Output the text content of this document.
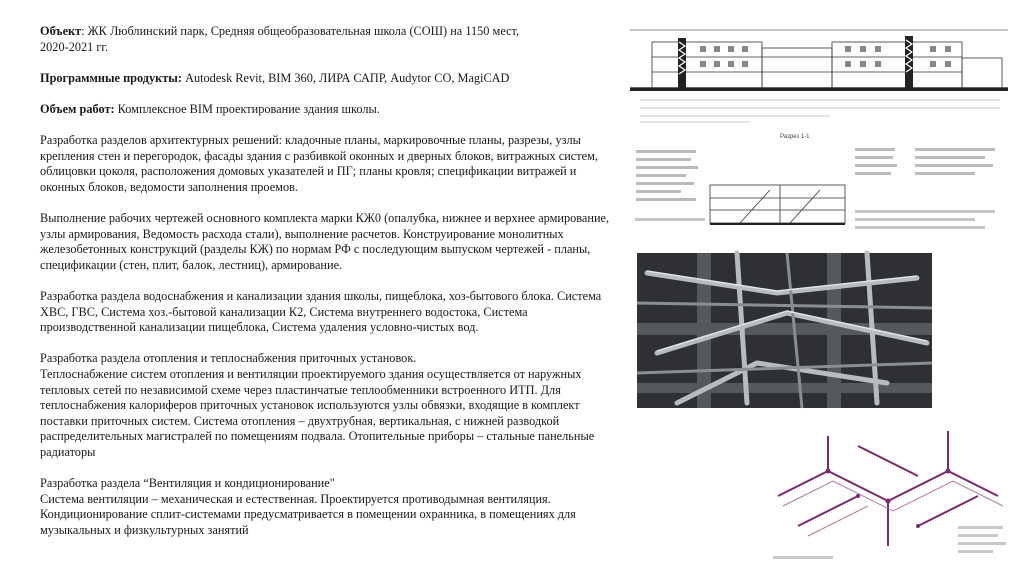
Объект: ЖК Люблинский парк, Средняя общеобразовательная школа (СОШ) на 1150 мест,
2020-2021 гг.

Программные продукты: Autodesk Revit, BIM 360, ЛИРА САПР, Audytor CO, MagiCAD

Объем работ: Комплексное BIM проектирование здания школы.

Разработка разделов архитектурных решений: кладочные планы, маркировочные планы, разрезы, узлы крепления стен и перегородок, фасады здания с разбивкой оконных и дверных блоков, витражных систем, облицовки цоколя, расположения домовых указателей и ПГ; планы кровля; спецификации витражей и оконных блоков, ведомости заполнения проемов.

Выполнение рабочих чертежей основного комплекта марки КЖ0 (опалубка, нижнее и верхнее армирование, узлы армирования, Ведомость расхода стали), выполнение расчетов. Конструирование монолитных железобетонных конструкций (разделы КЖ) по нормам РФ с последующим выпуском чертежей - планы, спецификации (стен, плит, балок, лестниц), армирование.

Разработка раздела водоснабжения и канализации здания школы, пищеблока, хоз-бытового блока. Система ХВС, ГВС, Система хоз.-бытовой канализации К2, Система внутреннего водостока, Система производственной канализации пищеблока, Система удаления условно-чистых вод.

Разработка раздела отопления и теплоснабжения приточных установок.
Теплоснабжение систем отопления и вентиляции проектируемого здания осуществляется от наружных тепловых сетей по независимой схеме через пластинчатые теплообменники встроенного ИТП. Для теплоснабжения калориферов приточных установок используются узлы обвязки, входящие в комплект поставки приточных систем. Система отопления – двухтрубная, вертикальная, с нижней разводкой распределительных магистралей по помещениям подвала. Отопительные приборы – стальные панельные радиаторы

Разработка раздела “Вентиляция и кондиционирование"
Система вентиляции – механическая и естественная. Проектируется противодымная вентиляция. Кондиционирование сплит-системами предусматривается в помещении охранника, в помещениях для музыкальных и физкультурных занятий

Разрез 1-1
